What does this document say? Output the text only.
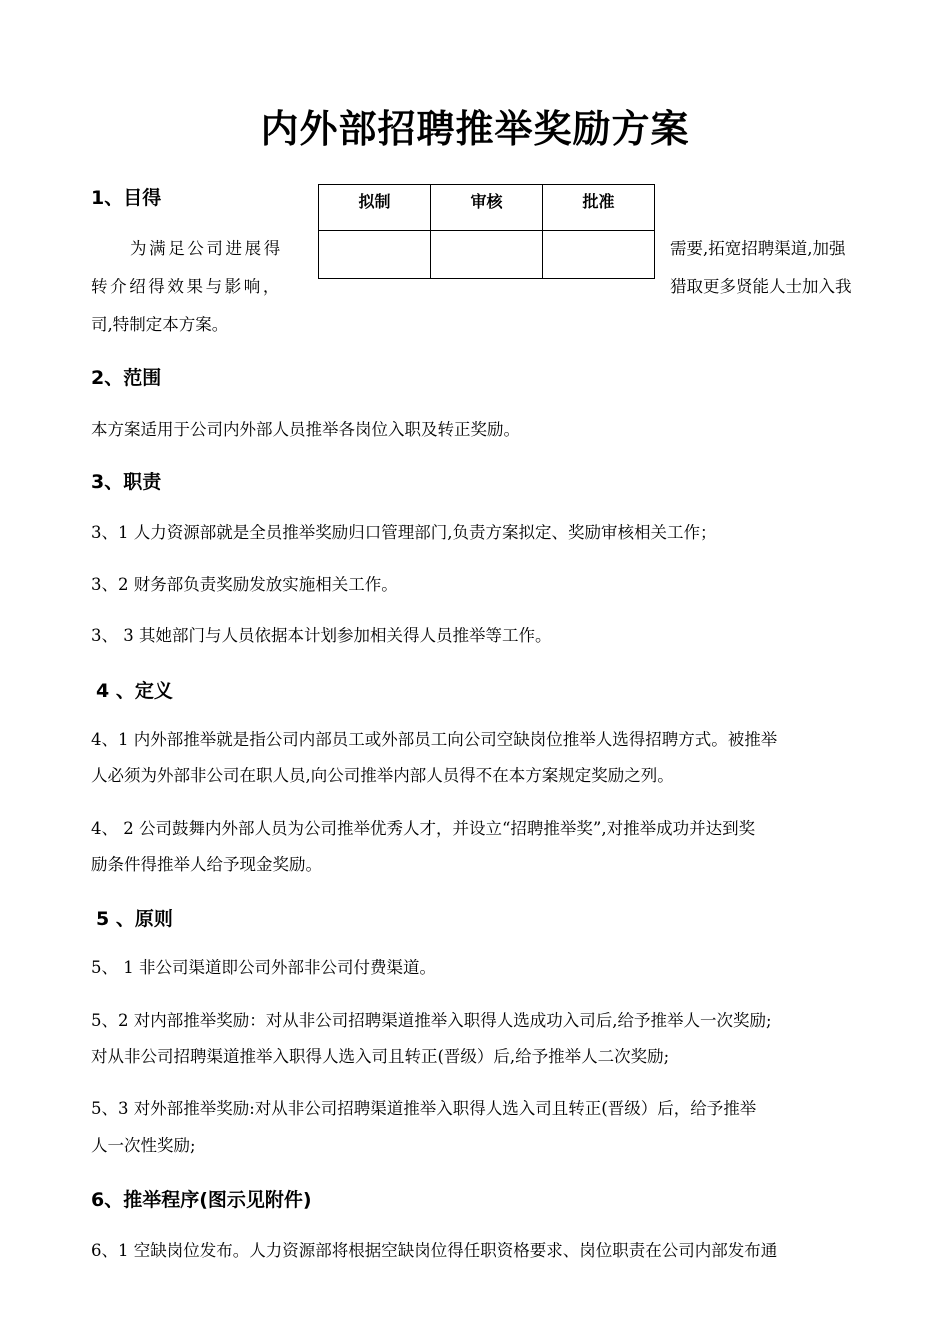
内外部招聘推举奖励方案
拟制	审核	批准

1、目得
为满足公司进展得	需要,拓宽招聘渠道,加强
转介绍得效果与影响，	猎取更多贤能人士加入我
司,特制定本方案。
2、范围
本方案适用于公司内外部人员推举各岗位入职及转正奖励。
3、职责
3、1 人力资源部就是全员推举奖励归口管理部门,负责方案拟定、奖励审核相关工作；
3、2 财务部负责奖励发放实施相关工作。
3、 3 其她部门与人员依据本计划参加相关得人员推举等工作。
4 、定义
4、1 内外部推举就是指公司内部员工或外部员工向公司空缺岗位推举人选得招聘方式。被推举
人必须为外部非公司在职人员,向公司推举内部人员得不在本方案规定奖励之列。
4、 2 公司鼓舞内外部人员为公司推举优秀人才，并设立“招聘推举奖”,对推举成功并达到奖
励条件得推举人给予现金奖励。
5 、原则
5、 1 非公司渠道即公司外部非公司付费渠道。
5、2 对内部推举奖励：对从非公司招聘渠道推举入职得人选成功入司后,给予推举人一次奖励;
对从非公司招聘渠道推举入职得人选入司且转正(晋级）后,给予推举人二次奖励;
5、3 对外部推举奖励:对从非公司招聘渠道推举入职得人选入司且转正(晋级）后，给予推举
人一次性奖励;
6、推举程序(图示见附件)
6、1 空缺岗位发布。人力资源部将根据空缺岗位得任职资格要求、岗位职责在公司内部发布通
